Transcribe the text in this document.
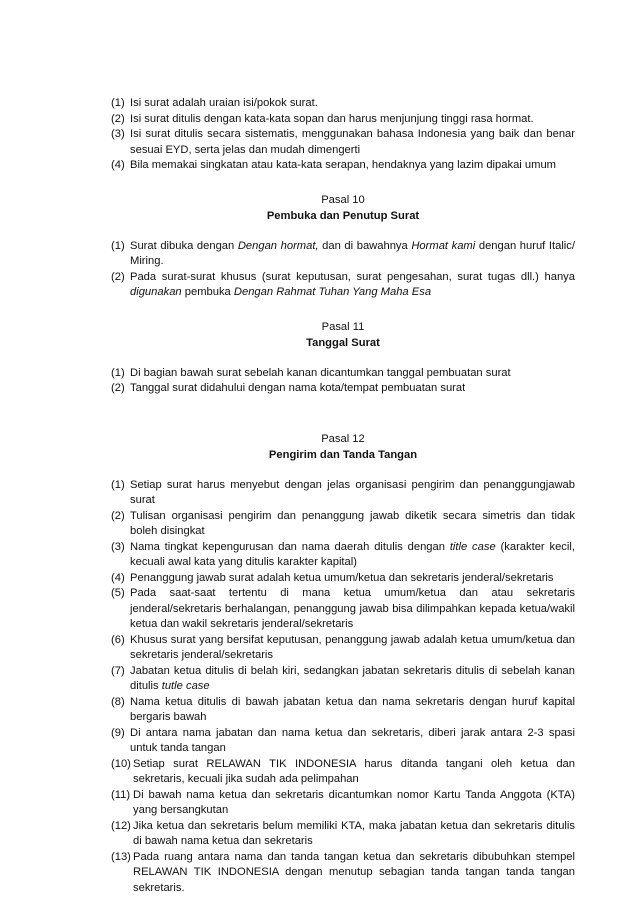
(1) Isi surat adalah uraian isi/pokok surat.
(2) Isi surat ditulis dengan kata-kata sopan dan harus menjunjung tinggi rasa hormat.
(3) Isi surat ditulis secara sistematis, menggunakan bahasa Indonesia yang baik dan benar sesuai EYD, serta jelas dan mudah dimengerti
(4) Bila memakai singkatan atau kata-kata serapan, hendaknya yang lazim dipakai umum
Pasal 10
Pembuka dan Penutup Surat
(1) Surat dibuka dengan Dengan hormat, dan di bawahnya Hormat kami dengan huruf Italic/ Miring.
(2) Pada surat-surat khusus (surat keputusan, surat pengesahan, surat tugas dll.) hanya digunakan pembuka Dengan Rahmat Tuhan Yang Maha Esa
Pasal 11
Tanggal Surat
(1) Di bagian bawah surat sebelah kanan dicantumkan tanggal pembuatan surat
(2) Tanggal surat didahului dengan nama kota/tempat pembuatan surat
Pasal 12
Pengirim dan Tanda Tangan
(1) Setiap surat harus menyebut dengan jelas organisasi pengirim dan penanggungjawab surat
(2) Tulisan organisasi pengirim dan penanggung jawab diketik secara simetris dan tidak boleh disingkat
(3) Nama tingkat kepengurusan dan nama daerah ditulis dengan title case (karakter kecil, kecuali awal kata yang ditulis karakter kapital)
(4) Penanggung jawab surat adalah ketua umum/ketua dan sekretaris jenderal/sekretaris
(5) Pada saat-saat tertentu di mana ketua umum/ketua dan atau sekretaris jenderal/sekretaris berhalangan, penanggung jawab bisa dilimpahkan kepada ketua/wakil ketua dan wakil sekretaris jenderal/sekretaris
(6) Khusus surat yang bersifat keputusan, penanggung jawab adalah ketua umum/ketua dan sekretaris jenderal/sekretaris
(7) Jabatan ketua ditulis di belah kiri, sedangkan jabatan sekretaris ditulis di sebelah kanan ditulis tutle case
(8) Nama ketua ditulis di bawah jabatan ketua dan nama sekretaris dengan huruf kapital bergaris bawah
(9) Di antara nama jabatan dan nama ketua dan sekretaris, diberi jarak antara 2-3 spasi untuk tanda tangan
(10) Setiap surat RELAWAN TIK INDONESIA harus ditanda tangani oleh ketua dan sekretaris, kecuali jika sudah ada pelimpahan
(11) Di bawah nama ketua dan sekretaris dicantumkan nomor Kartu Tanda Anggota (KTA) yang bersangkutan
(12) Jika ketua dan sekretaris belum memiliki KTA, maka jabatan ketua dan sekretaris ditulis di bawah nama ketua dan sekretaris
(13) Pada ruang antara nama dan tanda tangan ketua dan sekretaris dibubuhkan stempel RELAWAN TIK INDONESIA dengan menutup sebagian tanda tangan tanda tangan sekretaris.
